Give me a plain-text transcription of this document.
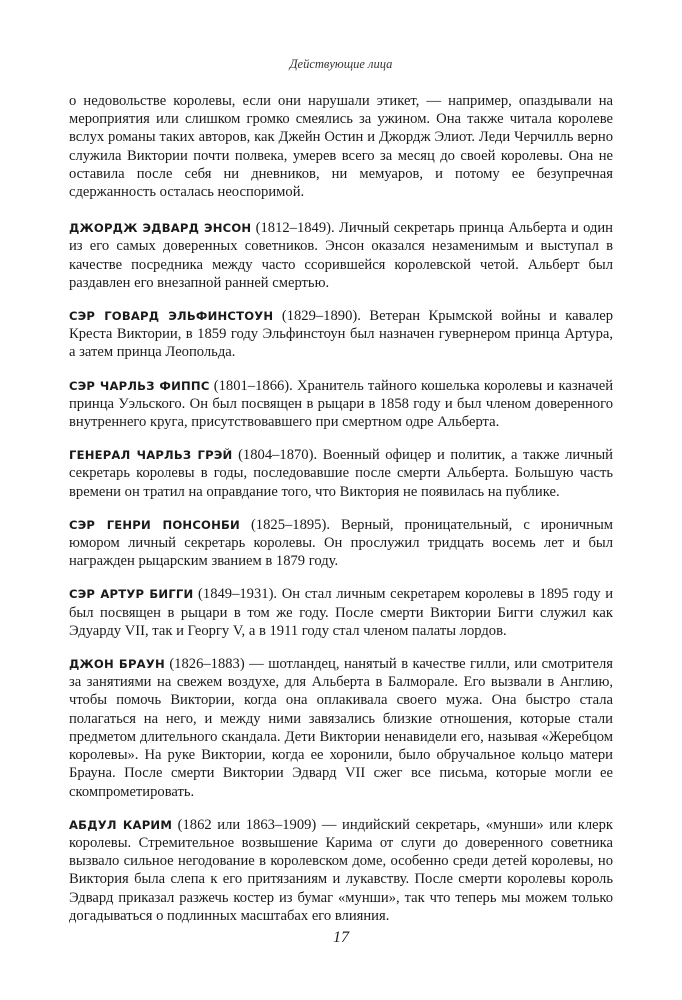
Действующие лица

о недовольстве королевы, если они нарушали этикет, — например, опаздывали на мероприятия или слишком громко смеялись за ужином. Она также читала королеве вслух романы таких авторов, как Джейн Остин и Джордж Элиот. Леди Черчилль верно служила Виктории почти полвека, умерев всего за месяц до своей королевы. Она не оставила после себя ни дневников, ни мемуаров, и потому ее безупречная сдержанность осталась неоспоримой.

ДЖОРДЖ ЭДВАРД ЭНСОН (1812–1849). Личный секретарь принца Альберта и один из его самых доверенных советников. Энсон оказался незаменимым и выступал в качестве посредника между часто ссорившейся королевской четой. Альберт был раздавлен его внезапной ранней смертью.

СЭР ГОВАРД ЭЛЬФИНСТОУН (1829–1890). Ветеран Крымской войны и кавалер Креста Виктории, в 1859 году Эльфинстоун был назначен гувернером принца Артура, а затем принца Леопольда.

СЭР ЧАРЛЬЗ ФИППС (1801–1866). Хранитель тайного кошелька королевы и казначей принца Уэльского. Он был посвящен в рыцари в 1858 году и был членом доверенного внутреннего круга, присутствовавшего при смертном одре Альберта.

ГЕНЕРАЛ ЧАРЛЬЗ ГРЭЙ (1804–1870). Военный офицер и политик, а также личный секретарь королевы в годы, последовавшие после смерти Альберта. Большую часть времени он тратил на оправдание того, что Виктория не появилась на публике.

СЭР ГЕНРИ ПОНСОНБИ (1825–1895). Верный, проницательный, с ироничным юмором личный секретарь королевы. Он прослужил тридцать восемь лет и был награжден рыцарским званием в 1879 году.

СЭР АРТУР БИГГИ (1849–1931). Он стал личным секретарем королевы в 1895 году и был посвящен в рыцари в том же году. После смерти Виктории Бигги служил как Эдуарду VII, так и Георгу V, а в 1911 году стал членом палаты лордов.

ДЖОН БРАУН (1826–1883) — шотландец, нанятый в качестве гилли, или смотрителя за занятиями на свежем воздухе, для Альберта в Балморале. Его вызвали в Англию, чтобы помочь Виктории, когда она оплакивала своего мужа. Она быстро стала полагаться на него, и между ними завязались близкие отношения, которые стали предметом длительного скандала. Дети Виктории ненавидели его, называя «Жеребцом королевы». На руке Виктории, когда ее хоронили, было обручальное кольцо матери Брауна. После смерти Виктории Эдвард VII сжег все письма, которые могли ее скомпрометировать.

АБДУЛ КАРИМ (1862 или 1863–1909) — индийский секретарь, «мунши» или клерк королевы. Стремительное возвышение Карима от слуги до доверенного советника вызвало сильное негодование в королевском доме, особенно среди детей королевы, но Виктория была слепа к его притязаниям и лукавству. После смерти королевы король Эдвард приказал разжечь костер из бумаг «мунши», так что теперь мы можем только догадываться о подлинных масштабах его влияния.

17
